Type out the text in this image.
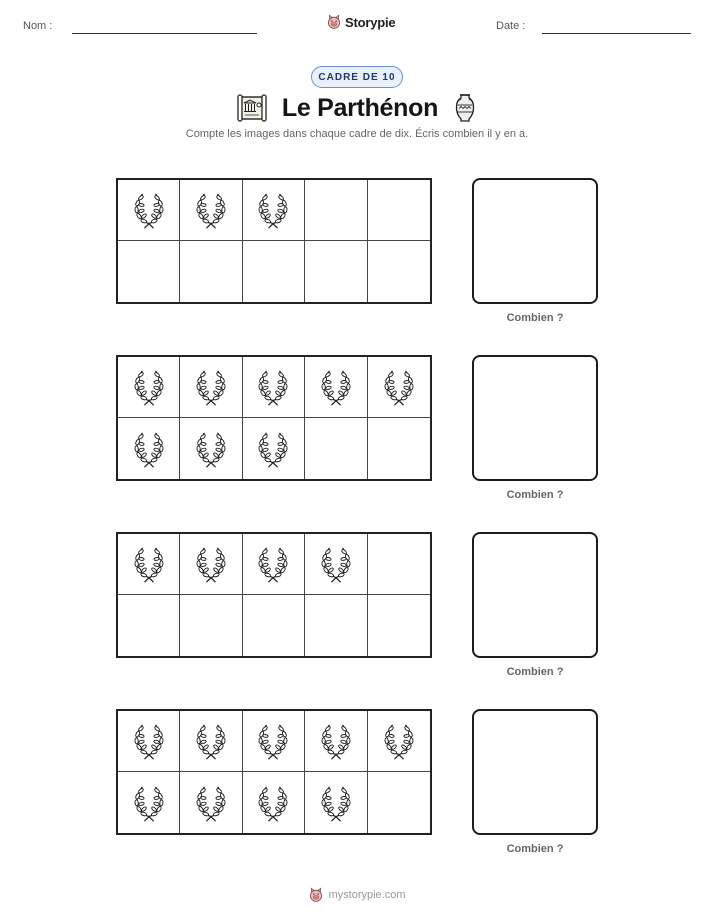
Nom :	Storypie	Date :
CADRE DE 10
Le Parthénon
Compte les images dans chaque cadre de dix. Écris combien il y en a.
Combien ?
Combien ?
Combien ?
Combien ?
mystorypie.com
